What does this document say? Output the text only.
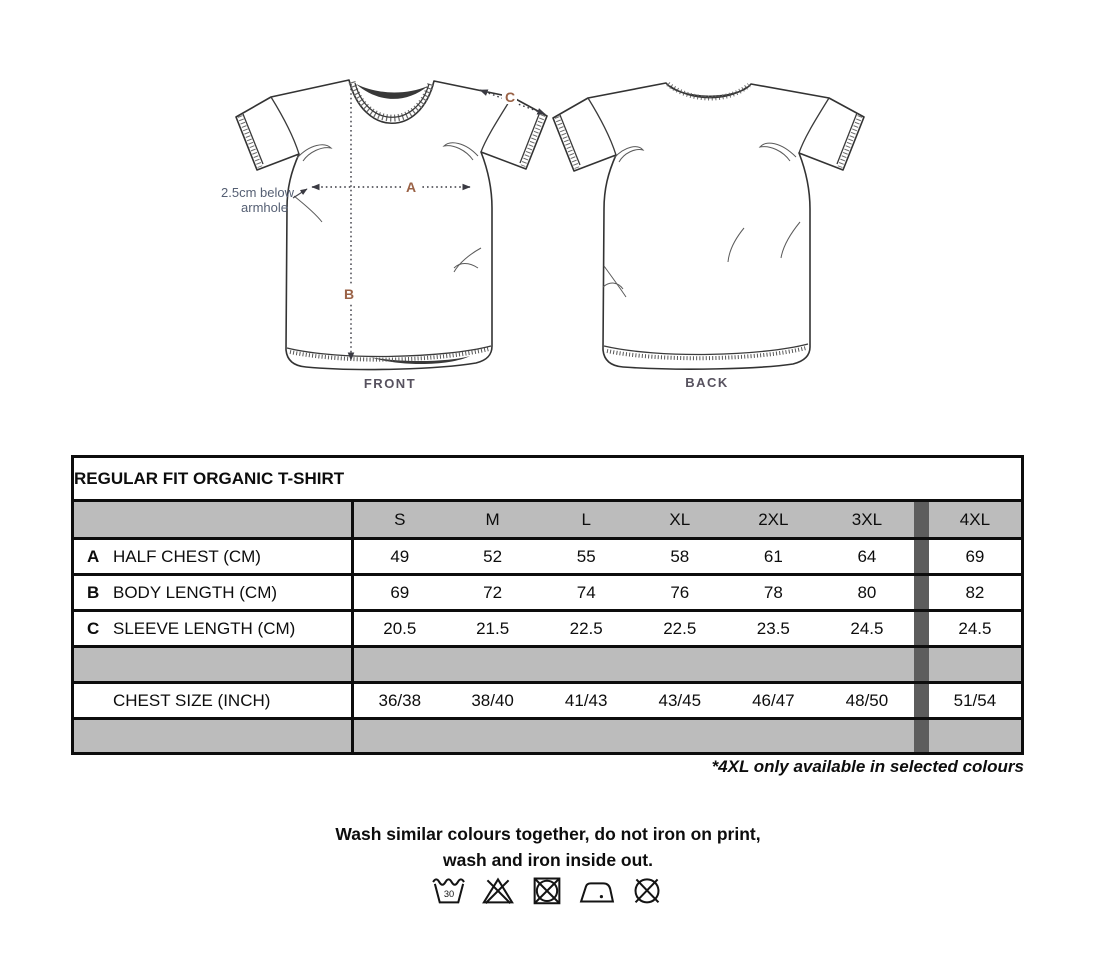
A
B
C
2.5cm below
armhole
FRONT	BACK
REGULAR FIT ORGANIC T-SHIRT								
	S	M	L	XL	2XL	3XL		4XL
A HALF CHEST (CM)	49	52	55	58	61	64		69
B BODY LENGTH (CM)	69	72	74	76	78	80		82
C SLEEVE LENGTH (CM)	20.5	21.5	22.5	22.5	23.5	24.5		24.5

CHEST SIZE (INCH)	36/38	38/40	41/43	43/45	46/47	48/50		51/54

*4XL only available in selected colours
Wash similar colours together, do not iron on print,
wash and iron inside out.
30
